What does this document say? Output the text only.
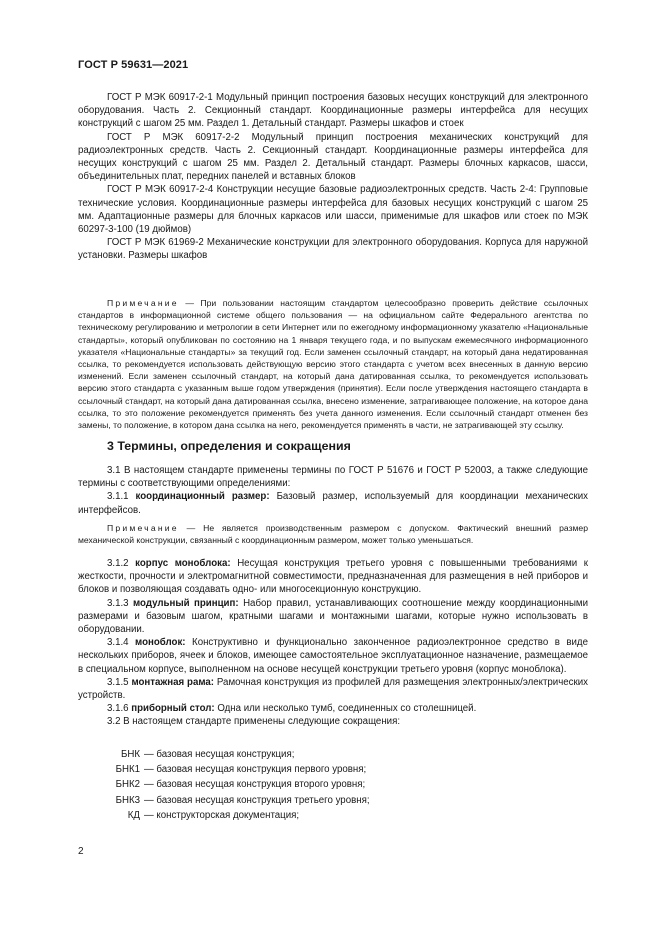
ГОСТ Р 59631—2021

ГОСТ Р МЭК 60917-2-1 Модульный принцип построения базовых несущих конструкций для электронного оборудования. Часть 2. Секционный стандарт. Координационные размеры интерфейса для несущих конструкций с шагом 25 мм. Раздел 1. Детальный стандарт. Размеры шкафов и стоек

ГОСТ Р МЭК 60917-2-2 Модульный принцип построения механических конструкций для радиоэлектронных средств. Часть 2. Секционный стандарт. Координационные размеры интерфейса для несущих конструкций с шагом 25 мм. Раздел 2. Детальный стандарт. Размеры блочных каркасов, шасси, объединительных плат, передних панелей и вставных блоков

ГОСТ Р МЭК 60917-2-4 Конструкции несущие базовые радиоэлектронных средств. Часть 2-4: Групповые технические условия. Координационные размеры интерфейса для базовых несущих конструкций с шагом 25 мм. Адаптационные размеры для блочных каркасов или шасси, применимые для шкафов или стоек по МЭК 60297-3-100 (19 дюймов)

ГОСТ Р МЭК 61969-2 Механические конструкции для электронного оборудования. Корпуса для наружной установки. Размеры шкафов

Примечание — При пользовании настоящим стандартом целесообразно проверить действие ссылочных стандартов в информационной системе общего пользования — на официальном сайте Федерального агентства по техническому регулированию и метрологии в сети Интернет или по ежегодному информационному указателю «Национальные стандарты», который опубликован по состоянию на 1 января текущего года, и по выпускам ежемесячного информационного указателя «Национальные стандарты» за текущий год. Если заменен ссылочный стандарт, на который дана недатированная ссылка, то рекомендуется использовать действующую версию этого стандарта с учетом всех внесенных в данную версию изменений. Если заменен ссылочный стандарт, на который дана датированная ссылка, то рекомендуется использовать версию этого стандарта с указанным выше годом утверждения (принятия). Если после утверждения настоящего стандарта в ссылочный стандарт, на который дана датированная ссылка, внесено изменение, затрагивающее положение, на которое дана ссылка, то это положение рекомендуется применять без учета данного изменения. Если ссылочный стандарт отменен без замены, то положение, в котором дана ссылка на него, рекомендуется применять в части, не затрагивающей эту ссылку.

3 Термины, определения и сокращения

3.1 В настоящем стандарте применены термины по ГОСТ Р 51676 и ГОСТ Р 52003, а также следующие термины с соответствующими определениями:

3.1.1 координационный размер: Базовый размер, используемый для координации механических интерфейсов.

Примечание — Не является производственным размером с допуском. Фактический внешний размер механической конструкции, связанный с координационным размером, может только уменьшаться.

3.1.2 корпус моноблока: Несущая конструкция третьего уровня с повышенными требованиями к жесткости, прочности и электромагнитной совместимости, предназначенная для размещения в ней приборов и блоков и позволяющая создавать одно- или многосекционную конструкцию.

3.1.3 модульный принцип: Набор правил, устанавливающих соотношение между координационными размерами и базовым шагом, кратными шагами и монтажными шагами, которые нужно использовать в оборудовании.

3.1.4 моноблок: Конструктивно и функционально законченное радиоэлектронное средство в виде нескольких приборов, ячеек и блоков, имеющее самостоятельное эксплуатационное назначение, размещаемое в специальном корпусе, выполненном на основе несущей конструкции третьего уровня (корпус моноблока).

3.1.5 монтажная рама: Рамочная конструкция из профилей для размещения электронных/электрических устройств.

3.1.6 приборный стол: Одна или несколько тумб, соединенных со столешницей.

3.2 В настоящем стандарте применены следующие сокращения:

БНК — базовая несущая конструкция;
БНК1 — базовая несущая конструкция первого уровня;
БНК2 — базовая несущая конструкция второго уровня;
БНК3 — базовая несущая конструкция третьего уровня;
КД — конструкторская документация;
2
